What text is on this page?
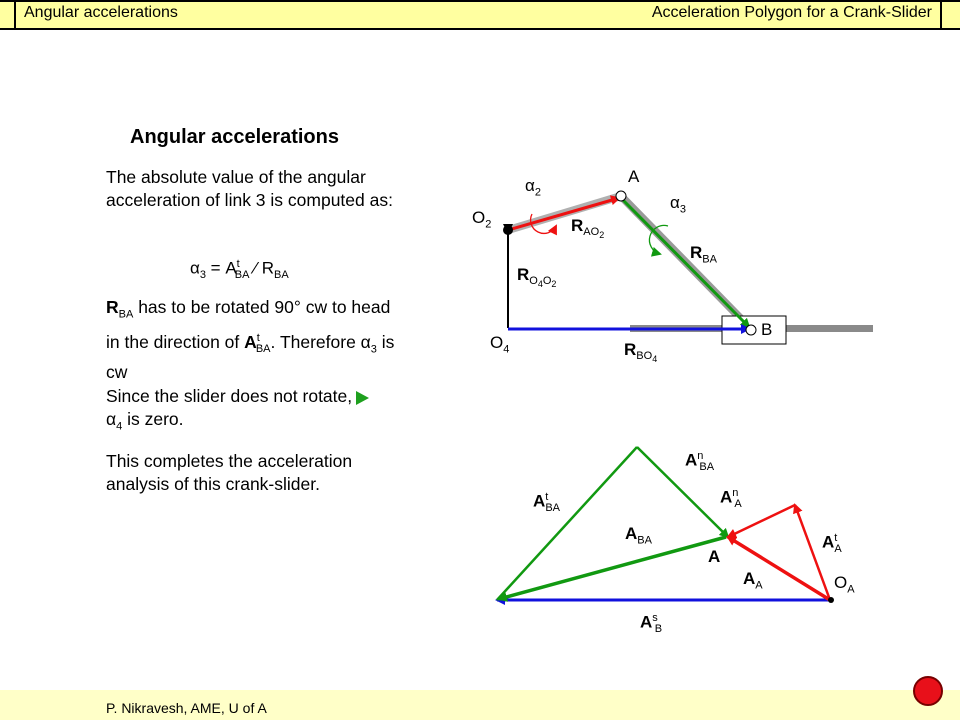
Angular accelerations	Acceleration Polygon for a Crank-Slider
Angular accelerations
The absolute value of the angular acceleration of link 3 is computed as:
$\alpha_3 = A^t_{BA}$ ⁄ $R_{BA}$
$R_{BA}$ has to be rotated 90° cw to head in the direction of $A^t_{BA}$. Therefore $\alpha_3$ is cw
Since the slider does not rotate, $\alpha_4$ is zero.
This completes the acceleration analysis of this crank-slider.
$\alpha_2$
A
$\alpha_3$
$O_2$	$R_{AO_2}$
$R_{BA}$
$R_{O_4O_2}$
B
$O_4$	$R_{BO_4}$
$A^n_{BA}$
$A^n_A$
$A^t_{BA}$
$A_{BA}$	$A^t_A$
A
$A_A$	$O_A$
$A^s_B$
P. Nikravesh, AME, U of A
